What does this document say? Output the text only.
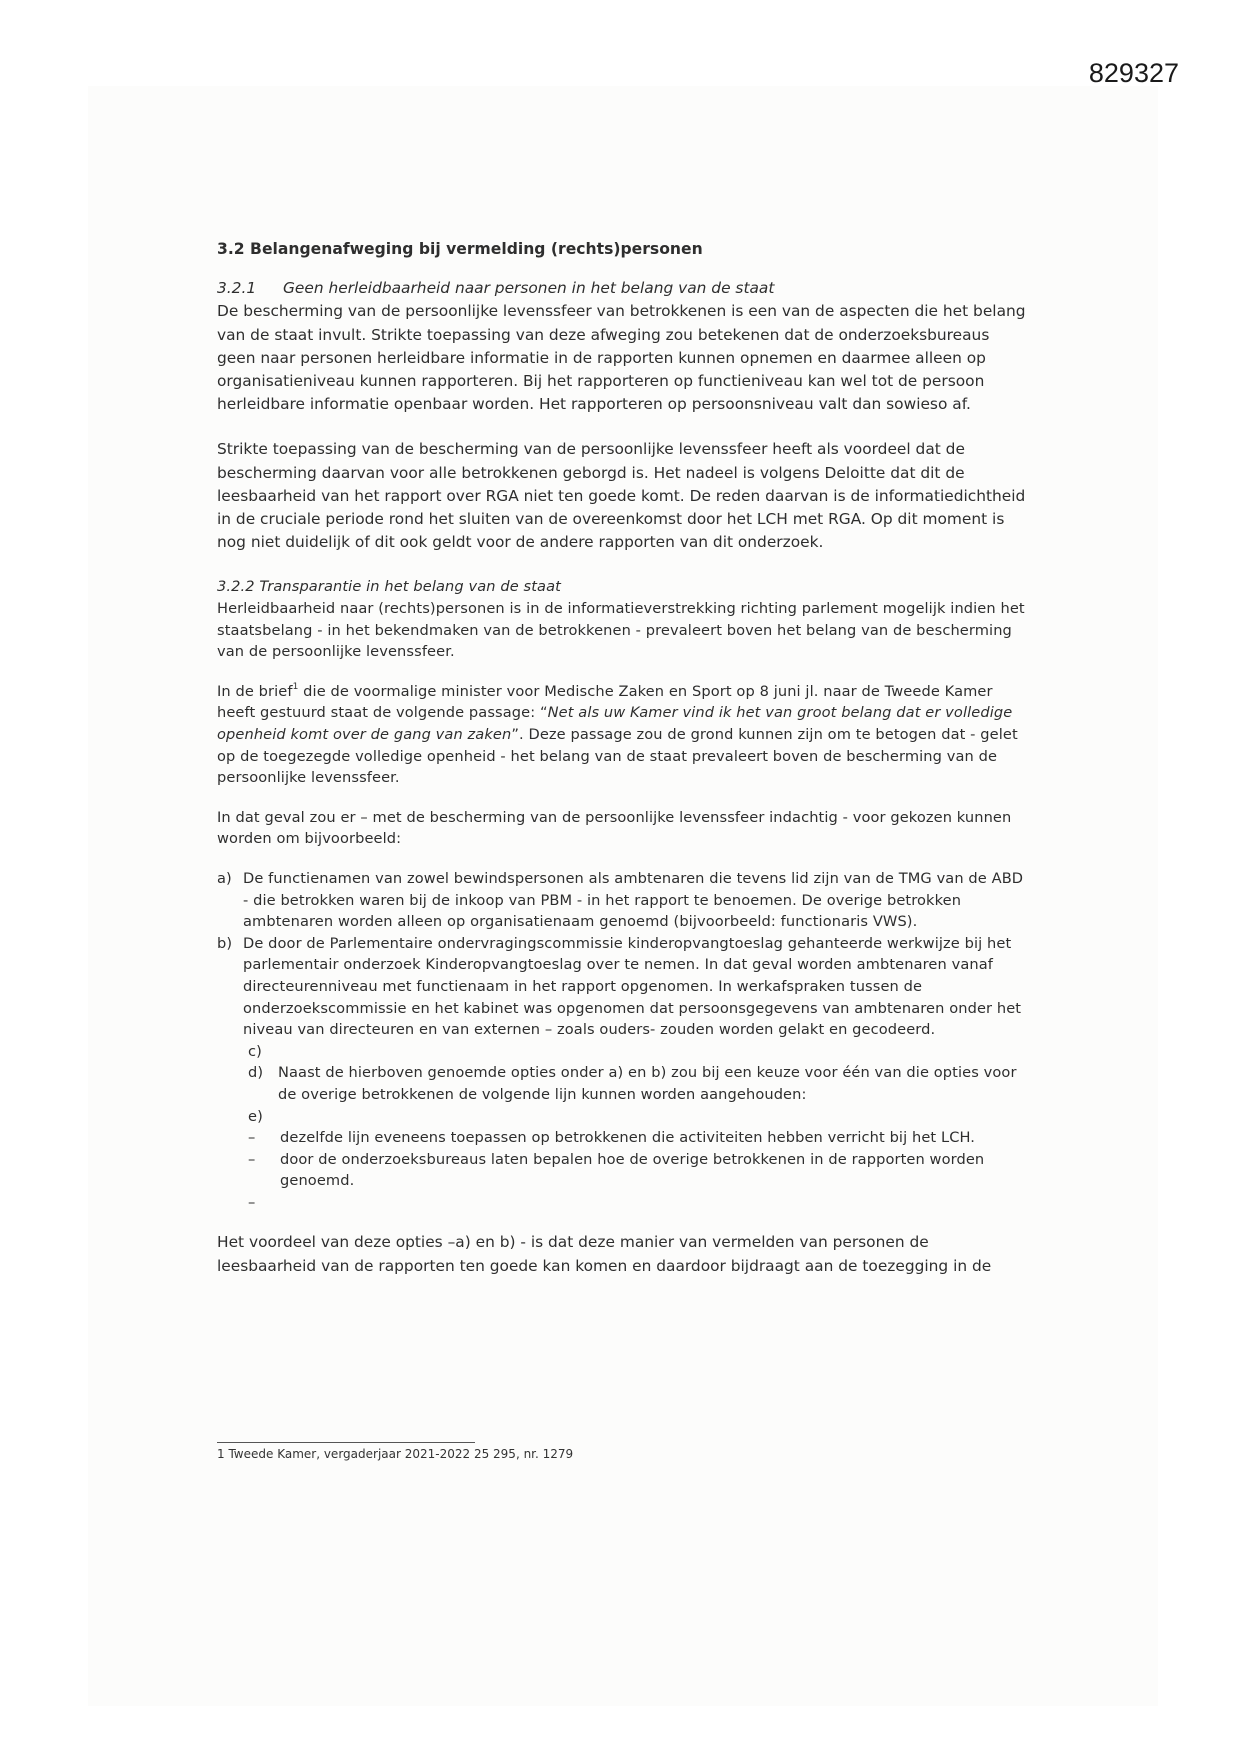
829327

3.2 Belangenafweging bij vermelding (rechts)personen

3.2.1 Geen herleidbaarheid naar personen in het belang van de staat

De bescherming van de persoonlijke levenssfeer van betrokkenen is een van de aspecten die het belang van de staat invult. Strikte toepassing van deze afweging zou betekenen dat de onderzoeksbureaus geen naar personen herleidbare informatie in de rapporten kunnen opnemen en daarmee alleen op organisatieniveau kunnen rapporteren. Bij het rapporteren op functieniveau kan wel tot de persoon herleidbare informatie openbaar worden. Het rapporteren op persoonsniveau valt dan sowieso af.

Strikte toepassing van de bescherming van de persoonlijke levenssfeer heeft als voordeel dat de bescherming daarvan voor alle betrokkenen geborgd is. Het nadeel is volgens Deloitte dat dit de leesbaarheid van het rapport over RGA niet ten goede komt. De reden daarvan is de informatiedichtheid in de cruciale periode rond het sluiten van de overeenkomst door het LCH met RGA. Op dit moment is nog niet duidelijk of dit ook geldt voor de andere rapporten van dit onderzoek.

3.2.2 Transparantie in het belang van de staat

Herleidbaarheid naar (rechts)personen is in de informatieverstrekking richting parlement mogelijk indien het staatsbelang - in het bekendmaken van de betrokkenen - prevaleert boven het belang van de bescherming van de persoonlijke levenssfeer.

In de brief$^1$ die de voormalige minister voor Medische Zaken en Sport op 8 juni jl. naar de Tweede Kamer heeft gestuurd staat de volgende passage: “Net als uw Kamer vind ik het van groot belang dat er volledige openheid komt over de gang van zaken”. Deze passage zou de grond kunnen zijn om te betogen dat - gelet op de toegezegde volledige openheid - het belang van de staat prevaleert boven de bescherming van de persoonlijke levenssfeer.

In dat geval zou er – met de bescherming van de persoonlijke levenssfeer indachtig - voor gekozen kunnen worden om bijvoorbeeld:

a) De functienamen van zowel bewindspersonen als ambtenaren die tevens lid zijn van de TMG van de ABD - die betrokken waren bij de inkoop van PBM - in het rapport te benoemen. De overige betrokken ambtenaren worden alleen op organisatienaam genoemd (bijvoorbeeld: functionaris VWS).
b) De door de Parlementaire ondervragingscommissie kinderopvangtoeslag gehanteerde werkwijze bij het parlementair onderzoek Kinderopvangtoeslag over te nemen. In dat geval worden ambtenaren vanaf directeurenniveau met functienaam in het rapport opgenomen. In werkafspraken tussen de onderzoekscommissie en het kabinet was opgenomen dat persoonsgegevens van ambtenaren onder het niveau van directeuren en van externen – zoals ouders- zouden worden gelakt en gecodeerd.
c)
d)	Naast de hierboven genoemde opties onder a) en b) zou bij een keuze voor één van die opties voor de overige betrokkenen de volgende lijn kunnen worden aangehouden:
e)
–	dezelfde lijn eveneens toepassen op betrokkenen die activiteiten hebben verricht bij het LCH.
–	door de onderzoeksbureaus laten bepalen hoe de overige betrokkenen in de rapporten worden genoemd.
–

Het voordeel van deze opties –a) en b) - is dat deze manier van vermelden van personen de leesbaarheid van de rapporten ten goede kan komen en daardoor bijdraagt aan de toezegging in de

1 Tweede Kamer, vergaderjaar 2021-2022 25 295, nr. 1279
